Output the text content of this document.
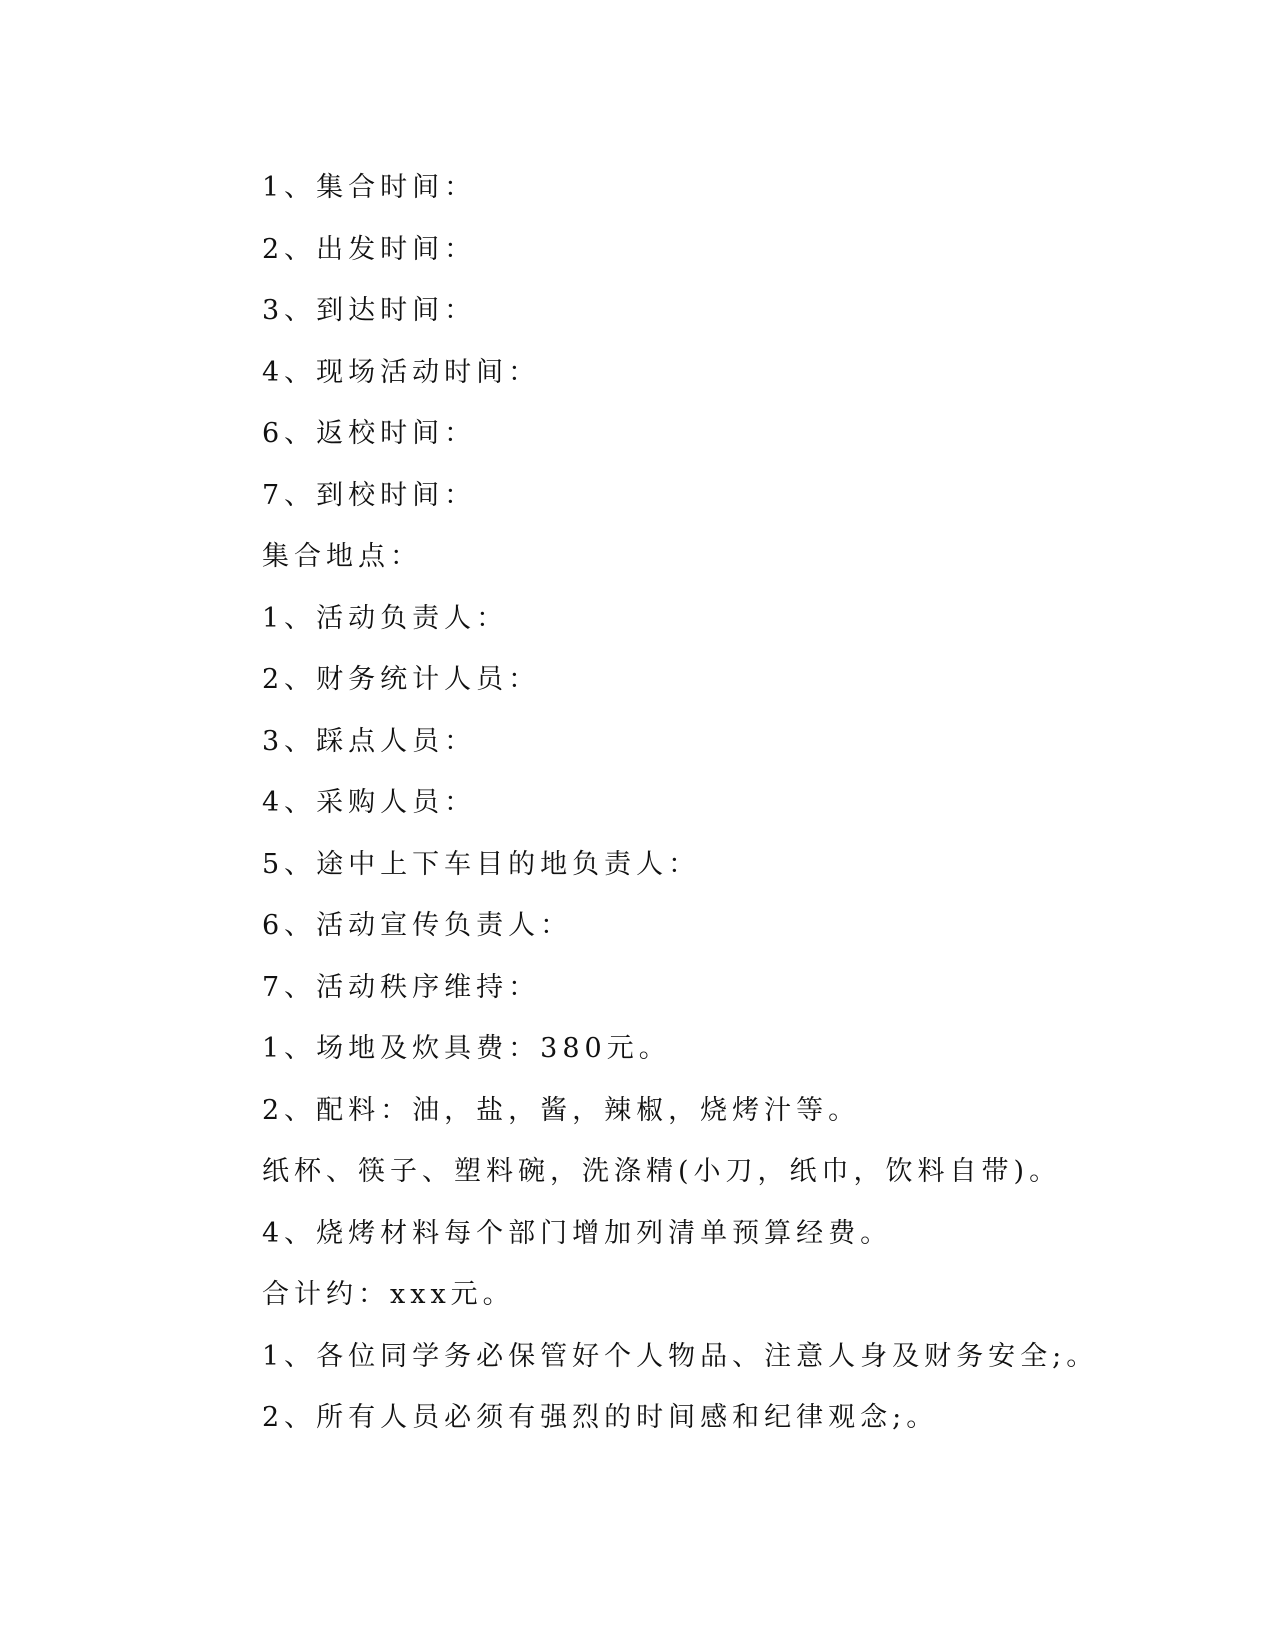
1、集合时间：
2、出发时间：
3、到达时间：
4、现场活动时间：
6、返校时间：
7、到校时间：
集合地点：
1、活动负责人：
2、财务统计人员：
3、踩点人员：
4、采购人员：
5、途中上下车目的地负责人：
6、活动宣传负责人：
7、活动秩序维持：
1、场地及炊具费：380元。
2、配料：油，盐，酱，辣椒，烧烤汁等。
纸杯、筷子、塑料碗，洗涤精(小刀，纸巾，饮料自带)。
4、烧烤材料每个部门增加列清单预算经费。
合计约：xxx元。
1、各位同学务必保管好个人物品、注意人身及财务安全;。
2、所有人员必须有强烈的时间感和纪律观念;。
